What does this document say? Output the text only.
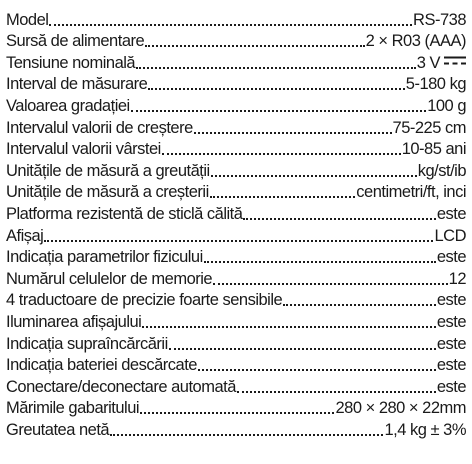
Model	RS-738
Sursă de alimentare	2 × R03 (AAA)
Tensiune nominală	3 V
Interval de măsurare	5-180 kg
Valoarea gradației	100 g
Intervalul valorii de creștere	75-225 cm
Intervalul valorii vârstei	10-85 ani
Unitățile de măsură a greutății	kg/st/ib
Unitățile de măsură a creșterii	centimetri/ft, inci
Platforma rezistentă de sticlă călită	este
Afișaj	LCD
Indicația parametrilor fizicului	este
Numărul celulelor de memorie	12
4 traductoare de precizie foarte sensibile	este
Iluminarea afișajului	este
Indicația supraîncărcării	este
Indicația bateriei descărcate	este
Conectare/deconectare automată	este
Mărimile gabaritului	280 × 280 × 22mm
Greutatea netă	1,4 kg ± 3%
